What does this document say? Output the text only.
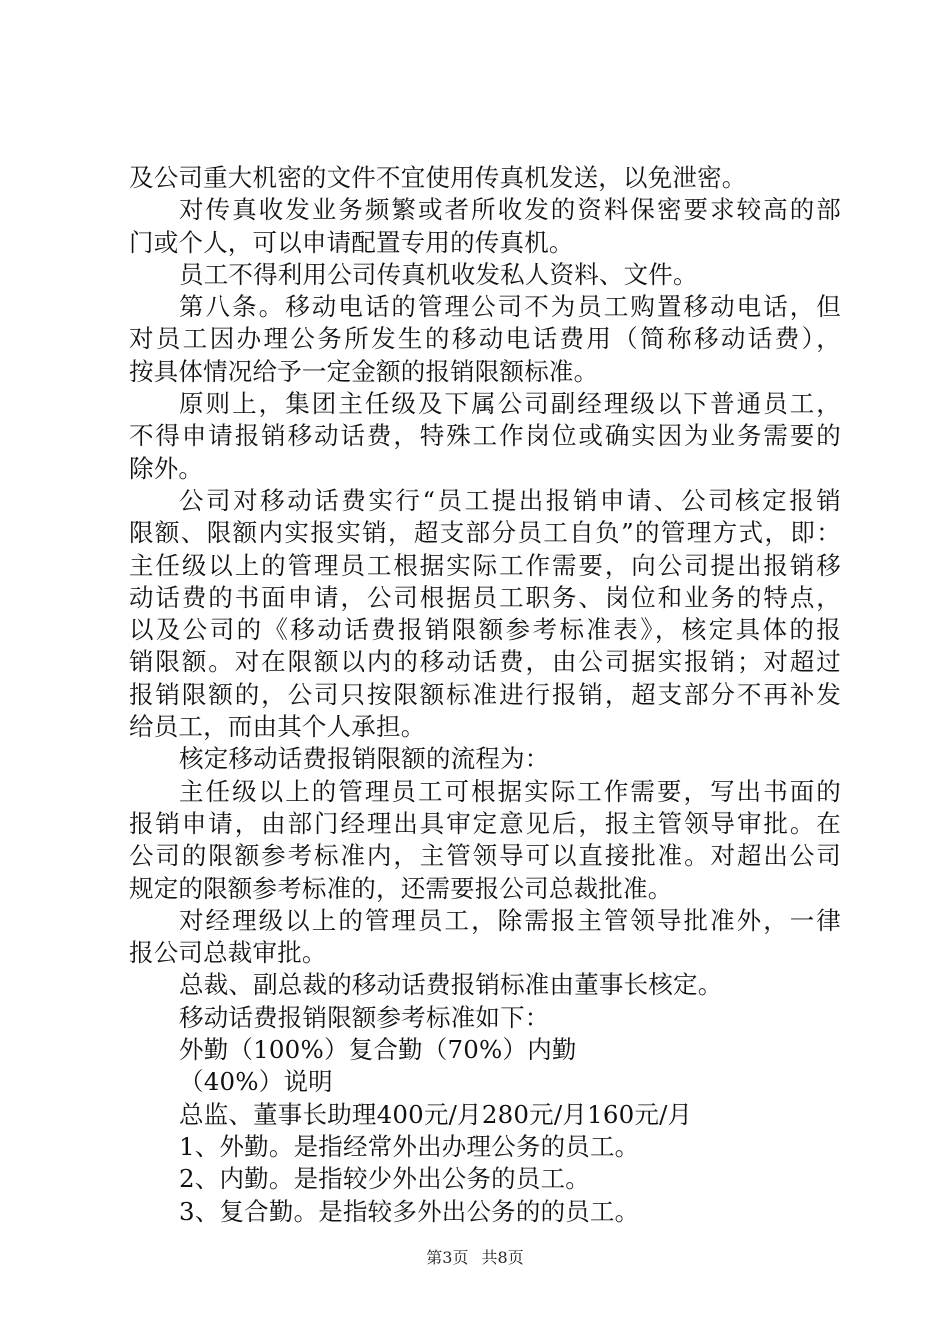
及公司重大机密的文件不宜使用传真机发送，以免泄密。
对传真收发业务频繁或者所收发的资料保密要求较高的部
门或个人，可以申请配置专用的传真机。
员工不得利用公司传真机收发私人资料、文件。
第八条。移动电话的管理公司不为员工购置移动电话，但
对员工因办理公务所发生的移动电话费用（简称移动话费），
按具体情况给予一定金额的报销限额标准。
原则上，集团主任级及下属公司副经理级以下普通员工，
不得申请报销移动话费，特殊工作岗位或确实因为业务需要的
除外。
公司对移动话费实行“员工提出报销申请、公司核定报销
限额、限额内实报实销，超支部分员工自负”的管理方式，即：
主任级以上的管理员工根据实际工作需要，向公司提出报销移
动话费的书面申请，公司根据员工职务、岗位和业务的特点，
以及公司的《移动话费报销限额参考标准表》，核定具体的报
销限额。对在限额以内的移动话费，由公司据实报销；对超过
报销限额的，公司只按限额标准进行报销，超支部分不再补发
给员工，而由其个人承担。
核定移动话费报销限额的流程为：
主任级以上的管理员工可根据实际工作需要，写出书面的
报销申请，由部门经理出具审定意见后，报主管领导审批。在
公司的限额参考标准内，主管领导可以直接批准。对超出公司
规定的限额参考标准的，还需要报公司总裁批准。
对经理级以上的管理员工，除需报主管领导批准外，一律
报公司总裁审批。
总裁、副总裁的移动话费报销标准由董事长核定。
移动话费报销限额参考标准如下：
外勤（100%）复合勤（70%）内勤
（40%）说明
总监、董事长助理400元/月280元/月160元/月
1、外勤。是指经常外出办理公务的员工。
2、内勤。是指较少外出公务的员工。
3、复合勤。是指较多外出公务的的员工。
第3页 共8页
